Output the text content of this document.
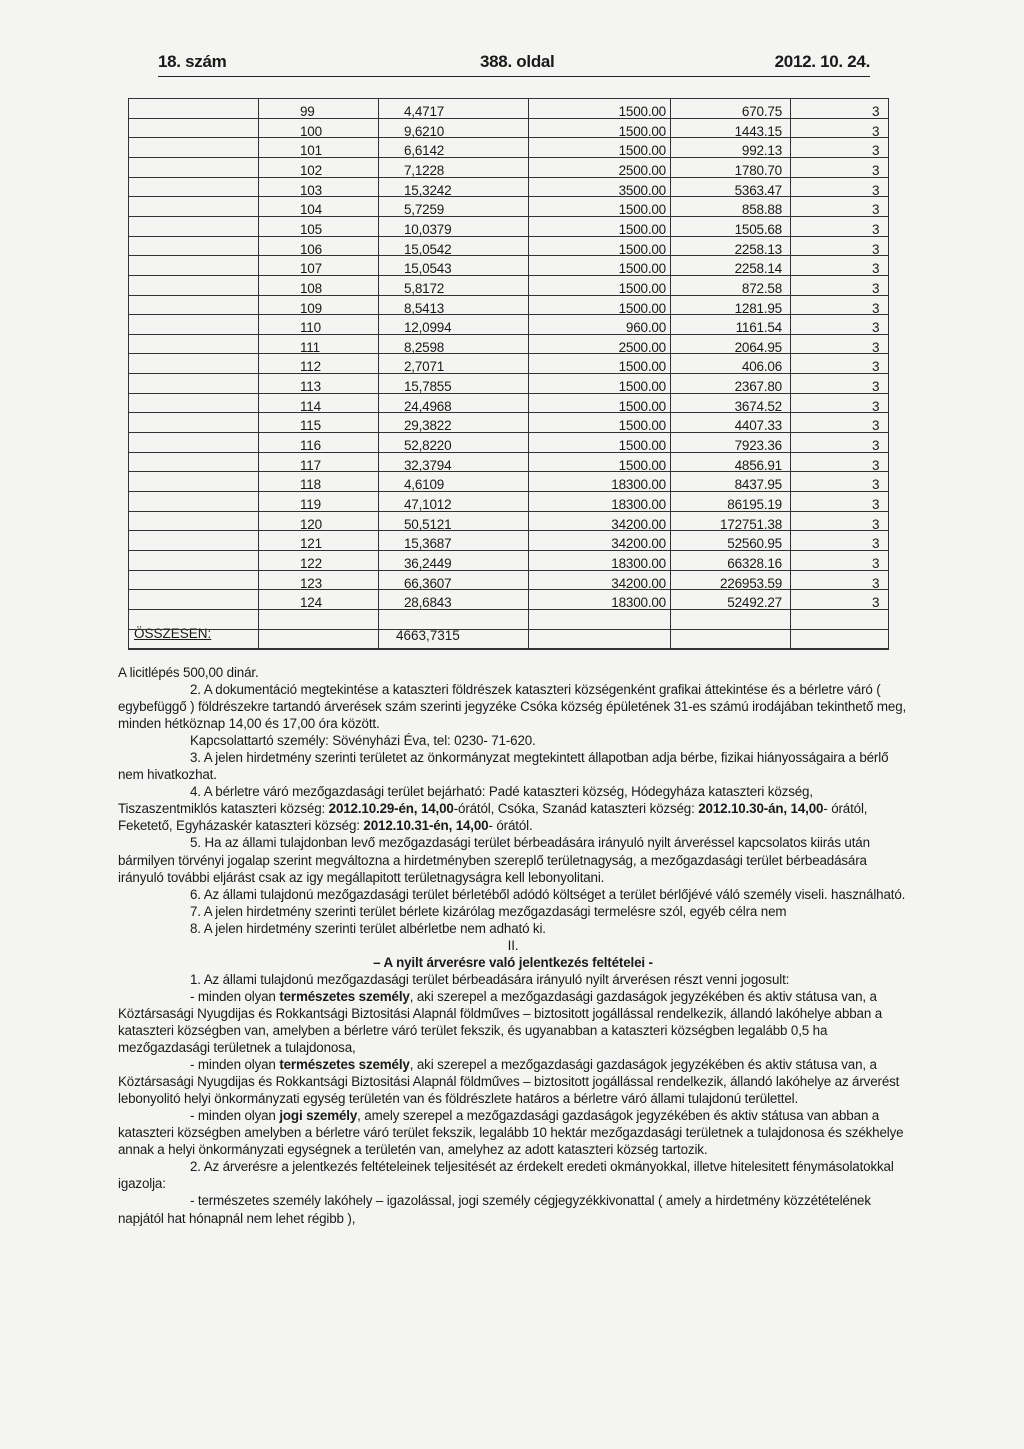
18. szám	388. oldal	2012. 10. 24.
ÖSSZESEN:	4663,7315
99	4,4717	1500.00	670.75	3
100	9,6210	1500.00	1443.15	3
101	6,6142	1500.00	992.13	3
102	7,1228	2500.00	1780.70	3
103	15,3242	3500.00	5363.47	3
104	5,7259	1500.00	858.88	3
105	10,0379	1500.00	1505.68	3
106	15,0542	1500.00	2258.13	3
107	15,0543	1500.00	2258.14	3
108	5,8172	1500.00	872.58	3
109	8,5413	1500.00	1281.95	3
110	12,0994	960.00	1161.54	3
111	8,2598	2500.00	2064.95	3
112	2,7071	1500.00	406.06	3
113	15,7855	1500.00	2367.80	3
114	24,4968	1500.00	3674.52	3
115	29,3822	1500.00	4407.33	3
116	52,8220	1500.00	7923.36	3
117	32,3794	1500.00	4856.91	3
118	4,6109	18300.00	8437.95	3
119	47,1012	18300.00	86195.19	3
120	50,5121	34200.00	172751.38	3
121	15,3687	34200.00	52560.95	3
122	36,2449	18300.00	66328.16	3
123	66,3607	34200.00	226953.59	3
124	28,6843	18300.00	52492.27	3

A licitlépés 500,00 dinár.

2. A dokumentáció megtekintése a kataszteri földrészek kataszteri községenként grafikai áttekintése és a bérletre váró ( egybefüggő ) földrészekre tartandó árverések szám szerinti jegyzéke Csóka község épületének 31-es számú irodájában tekinthető meg, minden hétköznap 14,00 és 17,00 óra között.

Kapcsolattartó személy: Sövényházi Éva, tel: 0230- 71-620.

3. A jelen hirdetmény szerinti területet az önkormányzat megtekintett állapotban adja bérbe, fizikai hiányosságaira a bérlő nem hivatkozhat.

4. A bérletre váró mezőgazdasági terület bejárható: Padé kataszteri község, Hódegyháza kataszteri község, Tiszaszentmiklós kataszteri község: 2012.10.29-én, 14,00-órától, Csóka, Szanád kataszteri község: 2012.10.30-án, 14,00- órától, Feketető, Egyházaskér kataszteri község: 2012.10.31-én, 14,00- órától.

5. Ha az állami tulajdonban levő mezőgazdasági terület bérbeadására irányuló nyilt árveréssel kapcsolatos kiirás után bármilyen törvényi jogalap szerint megváltozna a hirdetményben szereplő területnagyság, a mezőgazdasági terület bérbeadására irányuló további eljárást csak az igy megállapitott területnagyságra kell lebonyolitani.

6. Az állami tulajdonú mezőgazdasági terület bérletéből adódó költséget a terület bérlőjévé váló személy viseli. használható.

7. A jelen hirdetmény szerinti terület bérlete kizárólag mezőgazdasági termelésre szól, egyéb célra nem

8. A jelen hirdetmény szerinti terület albérletbe nem adható ki.

II.

– A nyilt árverésre való jelentkezés feltételei -

1. Az állami tulajdonú mezőgazdasági terület bérbeadására irányuló nyilt árverésen részt venni jogosult:

- minden olyan természetes személy, aki szerepel a mezőgazdasági gazdaságok jegyzékében és aktiv státusa van, a Köztársasági Nyugdijas és Rokkantsági Biztositási Alapnál földműves – biztositott jogállással rendelkezik, állandó lakóhelye abban a kataszteri községben van, amelyben a bérletre váró terület fekszik, és ugyanabban a kataszteri községben legalább 0,5 ha mezőgazdasági területnek a tulajdonosa,

- minden olyan természetes személy, aki szerepel a mezőgazdasági gazdaságok jegyzékében és aktiv státusa van, a Köztársasági Nyugdijas és Rokkantsági Biztositási Alapnál földműves – biztositott jogállással rendelkezik, állandó lakóhelye az árverést lebonyolitó helyi önkormányzati egység területén van és földrészlete határos a bérletre váró állami tulajdonú területtel.

- minden olyan jogi személy, amely szerepel a mezőgazdasági gazdaságok jegyzékében és aktiv státusa van abban a kataszteri községben amelyben a bérletre váró terület fekszik, legalább 10 hektár mezőgazdasági területnek a tulajdonosa és székhelye annak a helyi önkormányzati egységnek a területén van, amelyhez az adott kataszteri község tartozik.

2. Az árverésre a jelentkezés feltételeinek teljesitését az érdekelt eredeti okmányokkal, illetve hitelesitett fénymásolatokkal igazolja:

- természetes személy lakóhely – igazolással, jogi személy cégjegyzékkivonattal ( amely a hirdetmény közzétételének napjától hat hónapnál nem lehet régibb ),
